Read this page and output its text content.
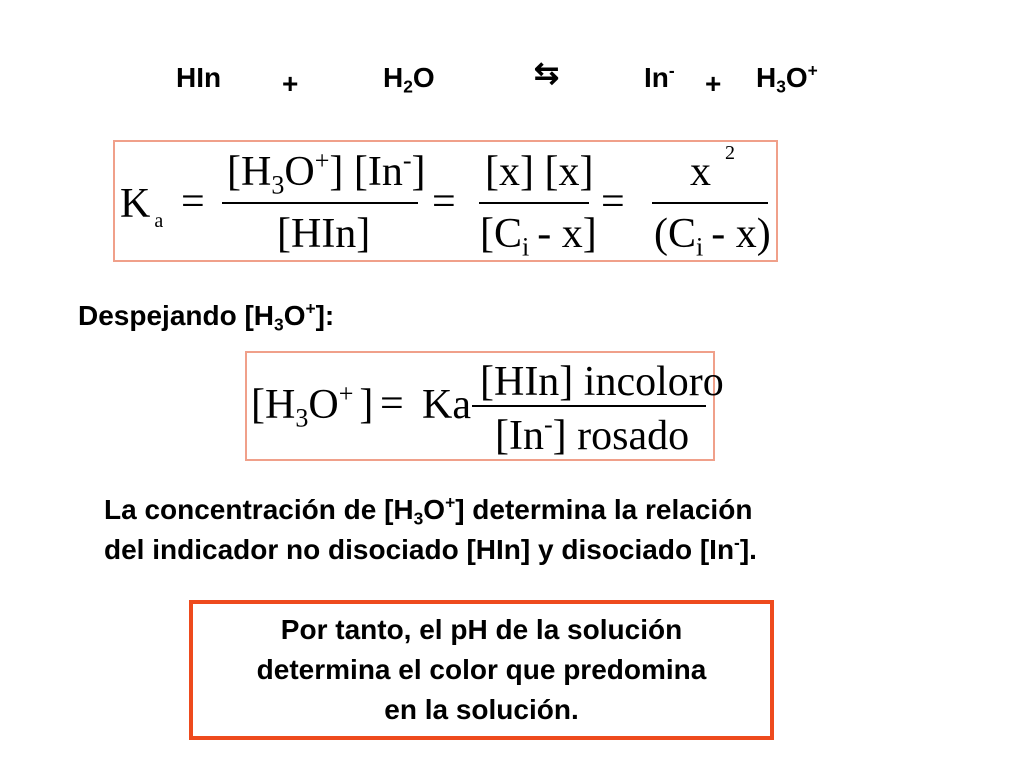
HIn +	$H_2O$	⇆	$In^- + H_3O^+$
K $_a$ =
$[H_3O^+]$ [In-]
[HIn]
=
[x] [x]
$[C_i - x]$
=
x $^2$
$(C_i - x)$
Despejando $[H_3O^+]$:
[$H_3O^+$ ] = Ka [HIn] incoloro
[In-] rosado
La concentración de $[H_3O^+]$ determina la relación
del indicador no disociado [HIn] y disociado [In-].
Por tanto, el pH de la solución
determina el color que predomina
en la solución.
